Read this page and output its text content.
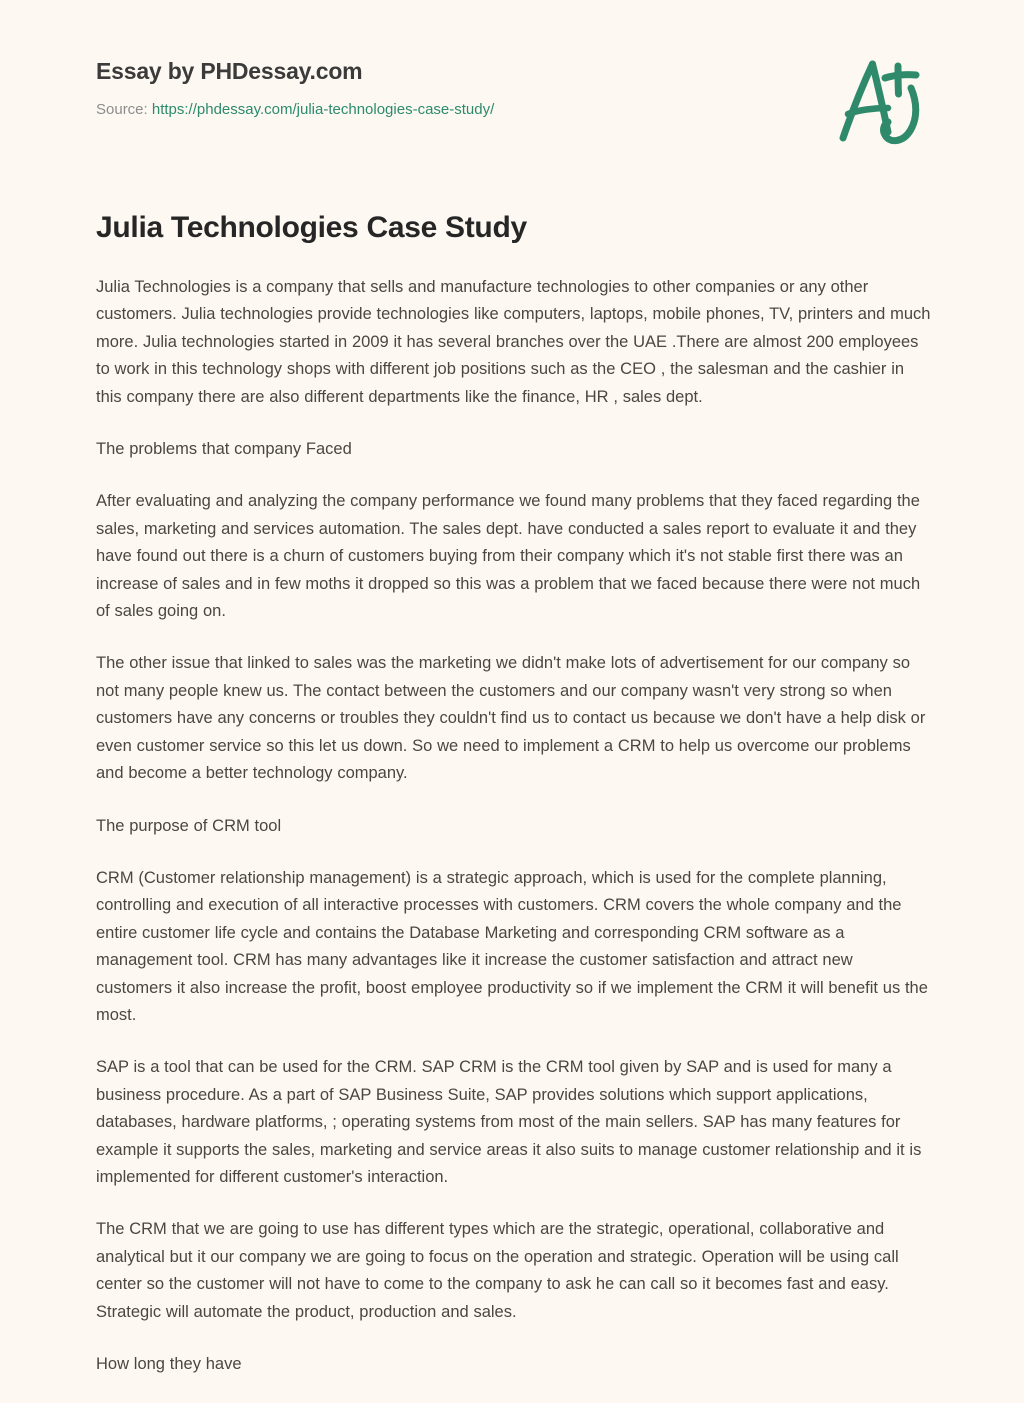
Essay by PHDessay.com
Source: https://phdessay.com/julia-technologies-case-study/
Julia Technologies Case Study

Julia Technologies is a company that sells and manufacture technologies to other companies or any other customers. Julia technologies provide technologies like computers, laptops, mobile phones, TV, printers and much more. Julia technologies started in 2009 it has several branches over the UAE .There are almost 200 employees to work in this technology shops with different job positions such as the CEO , the salesman and the cashier in this company there are also different departments like the finance, HR , sales dept.

The problems that company Faced

After evaluating and analyzing the company performance we found many problems that they faced regarding the sales, marketing and services automation. The sales dept. have conducted a sales report to evaluate it and they have found out there is a churn of customers buying from their company which it's not stable first there was an increase of sales and in few moths it dropped so this was a problem that we faced because there were not much of sales going on.

The other issue that linked to sales was the marketing we didn't make lots of advertisement for our company so not many people knew us. The contact between the customers and our company wasn't very strong so when customers have any concerns or troubles they couldn't find us to contact us because we don't have a help disk or even customer service so this let us down. So we need to implement a CRM to help us overcome our problems and become a better technology company.

The purpose of CRM tool

CRM (Customer relationship management) is a strategic approach, which is used for the complete planning, controlling and execution of all interactive processes with customers. CRM covers the whole company and the entire customer life cycle and contains the Database Marketing and corresponding CRM software as a management tool. CRM has many advantages like it increase the customer satisfaction and attract new customers it also increase the profit, boost employee productivity so if we implement the CRM it will benefit us the most.

SAP is a tool that can be used for the CRM. SAP CRM is the CRM tool given by SAP and is used for many a business procedure. As a part of SAP Business Suite, SAP provides solutions which support applications, databases, hardware platforms, ; operating systems from most of the main sellers. SAP has many features for example it supports the sales, marketing and service areas it also suits to manage customer relationship and it is implemented for different customer's interaction.

The CRM that we are going to use has different types which are the strategic, operational, collaborative and analytical but it our company we are going to focus on the operation and strategic. Operation will be using call center so the customer will not have to come to the company to ask he can call so it becomes fast and easy. Strategic will automate the product, production and sales.

How long they have
